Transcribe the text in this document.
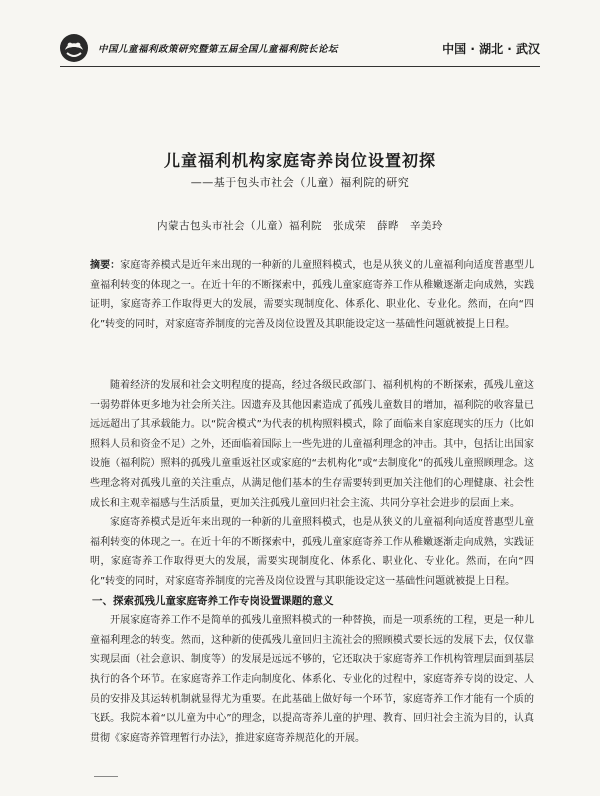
中国儿童福利政策研究暨第五届全国儿童福利院长论坛	中国 · 湖北 · 武汉
儿童福利机构家庭寄养岗位设置初探
——基于包头市社会（儿童）福利院的研究
内蒙古包头市社会（儿童）福利院　张成荣　薛晔　辛美玲

摘要：家庭寄养模式是近年来出现的一种新的儿童照料模式，也是从狭义的儿童福利向适度普惠型儿童福利转变的体现之一。在近十年的不断探索中，孤残儿童家庭寄养工作从稚嫩逐渐走向成熟，实践证明，家庭寄养工作取得更大的发展，需要实现制度化、体系化、职业化、专业化。然而，在向“四化”转变的同时，对家庭寄养制度的完善及岗位设置及其职能设定这一基础性问题就被提上日程。

随着经济的发展和社会文明程度的提高，经过各级民政部门、福利机构的不断探索，孤残儿童这一弱势群体更多地为社会所关注。因遗弃及其他因素造成了孤残儿童数目的增加，福利院的收容量已远远超出了其承载能力。以“院舍模式”为代表的机构照料模式，除了面临来自家庭现实的压力（比如照料人员和资金不足）之外，还面临着国际上一些先进的儿童福利理念的冲击。其中，包括让出国家设施（福利院）照料的孤残儿童重返社区或家庭的“去机构化”或“去制度化”的孤残儿童照顾理念。这些理念将对孤残儿童的关注重点，从满足他们基本的生存需要转到更加关注他们的心理健康、社会性成长和主观幸福感与生活质量，更加关注孤残儿童回归社会主流、共同分享社会进步的层面上来。

家庭寄养模式是近年来出现的一种新的儿童照料模式，也是从狭义的儿童福利向适度普惠型儿童福利转变的体现之一。在近十年的不断探索中，孤残儿童家庭寄养工作从稚嫩逐渐走向成熟，实践证明，家庭寄养工作取得更大的发展，需要实现制度化、体系化、职业化、专业化。然而，在向“四化”转变的同时，对家庭寄养制度的完善及岗位设置与其职能设定这一基础性问题就被提上日程。

一、探索孤残儿童家庭寄养工作专岗设置课题的意义

开展家庭寄养工作不是简单的孤残儿童照料模式的一种替换，而是一项系统的工程，更是一种儿童福利理念的转变。然而，这种新的使孤残儿童回归主流社会的照顾模式要长远的发展下去，仅仅靠实现层面（社会意识、制度等）的发展是远远不够的，它还取决于家庭寄养工作机构管理层面到基层执行的各个环节。在家庭寄养工作走向制度化、体系化、专业化的过程中，家庭寄养专岗的设定、人员的安排及其运转机制就显得尤为重要。在此基础上做好每一个环节，家庭寄养工作才能有一个质的飞跃。我院本着“以儿童为中心”的理念，以提高寄养儿童的护理、教育、回归社会主流为目的，认真贯彻《家庭寄养管理暂行办法》，推进家庭寄养规范化的开展。
